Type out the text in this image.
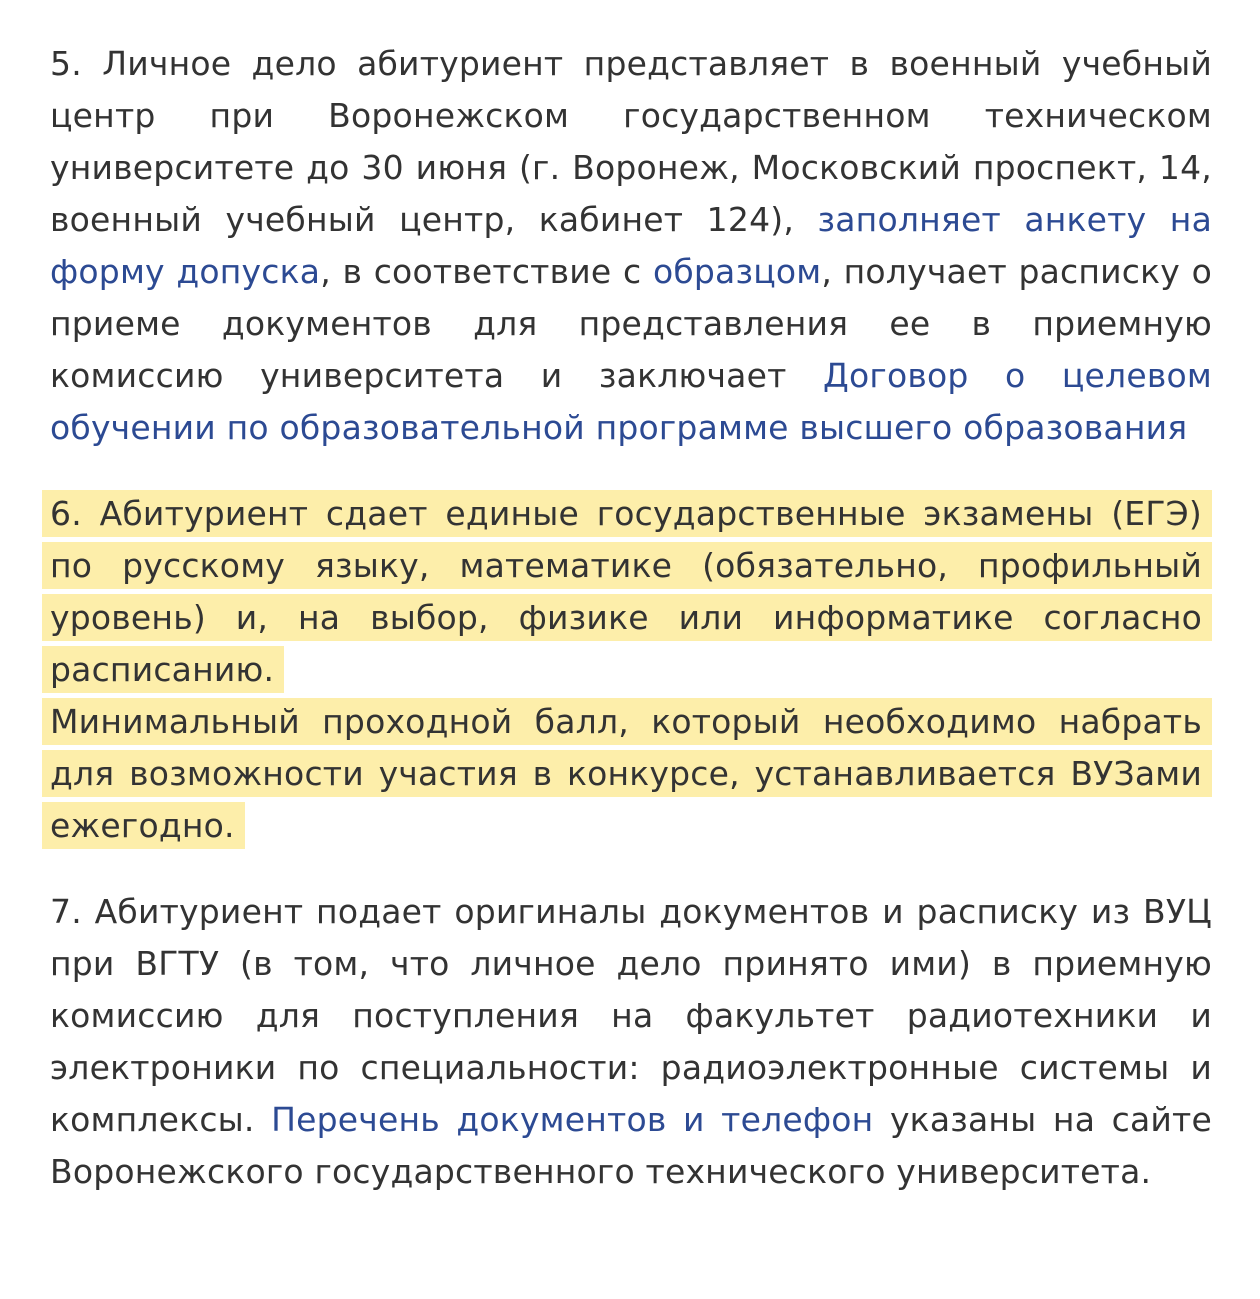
5. Личное дело абитуриент представляет в военный учебный центр при Воронежском государственном техническом университете до 30 июня (г. Воронеж, Московский проспект, 14, военный учебный центр, кабинет 124), заполняет анкету на форму допуска, в соответствие с образцом, получает расписку о приеме документов для представления ее в приемную комиссию университета и заключает Договор о целевом обучении по образовательной программе высшего образования

6. Абитуриент сдает единые государственные экзамены (ЕГЭ) по русскому языку, математике (обязательно, профильный уровень) и, на выбор, физике или информатике согласно расписанию.
Минимальный проходной балл, который необходимо набрать для возможности участия в конкурсе, устанавливается ВУЗами ежегодно.

7. Абитуриент подает оригиналы документов и расписку из ВУЦ при ВГТУ (в том, что личное дело принято ими) в приемную комиссию для поступления на факультет радиотехники и электроники по специальности: радиоэлектронные системы и комплексы. Перечень документов и телефон указаны на сайте Воронежского государственного технического университета.
